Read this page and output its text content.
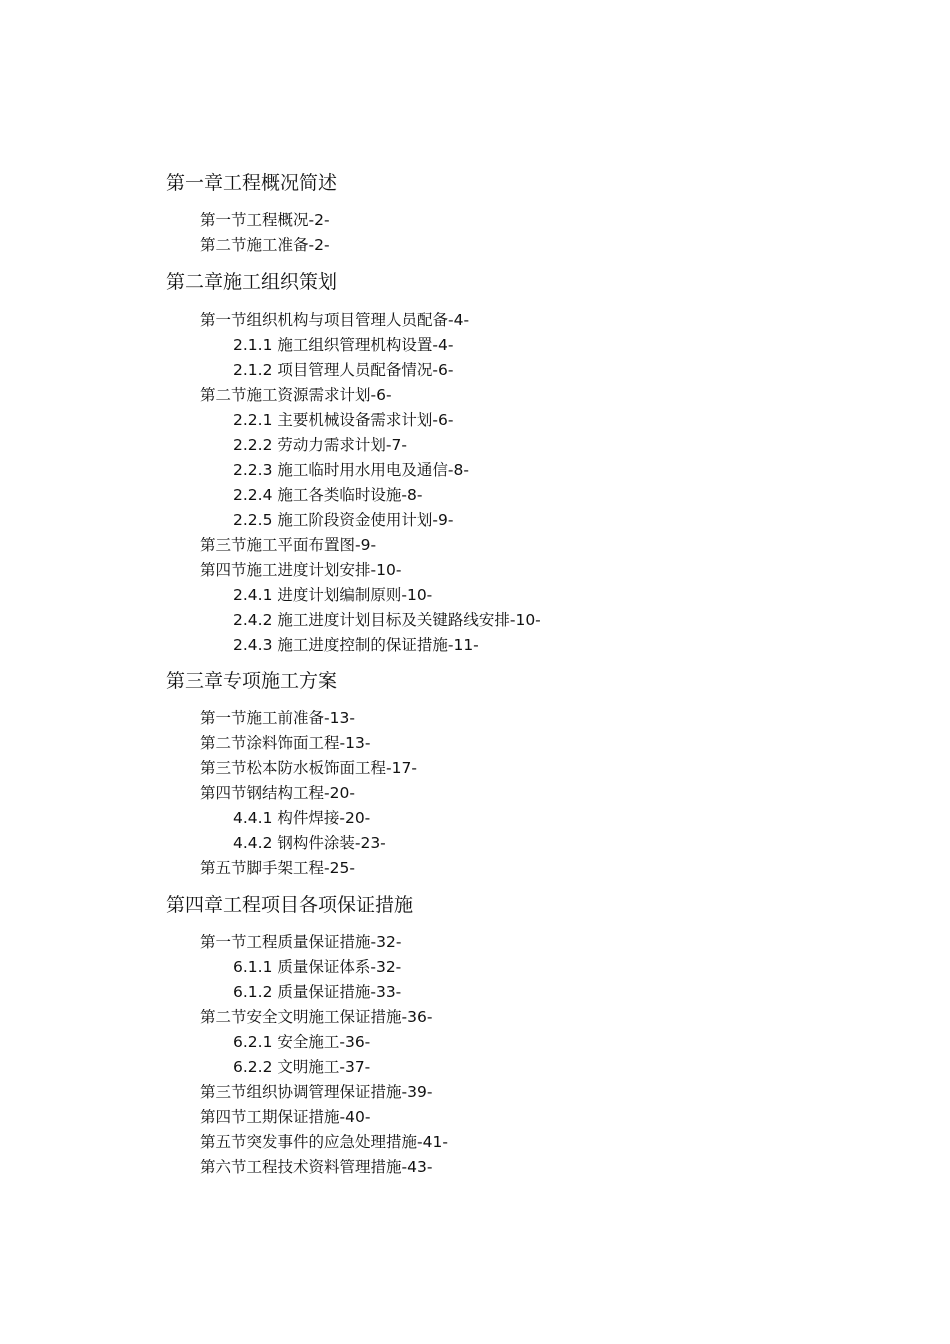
第一章工程概况简述
第一节工程概况-2-
第二节施工准备-2-
第二章施工组织策划
第一节组织机构与项目管理人员配备-4-
2.1.1 施工组织管理机构设置-4-
2.1.2 项目管理人员配备情况-6-
第二节施工资源需求计划-6-
2.2.1 主要机械设备需求计划-6-
2.2.2 劳动力需求计划-7-
2.2.3 施工临时用水用电及通信-8-
2.2.4 施工各类临时设施-8-
2.2.5 施工阶段资金使用计划-9-
第三节施工平面布置图-9-
第四节施工进度计划安排-10-
2.4.1 进度计划编制原则-10-
2.4.2 施工进度计划目标及关键路线安排-10-
2.4.3 施工进度控制的保证措施-11-
第三章专项施工方案
第一节施工前准备-13-
第二节涂料饰面工程-13-
第三节松本防水板饰面工程-17-
第四节钢结构工程-20-
4.4.1 构件焊接-20-
4.4.2 钢构件涂装-23-
第五节脚手架工程-25-
第四章工程项目各项保证措施
第一节工程质量保证措施-32-
6.1.1 质量保证体系-32-
6.1.2 质量保证措施-33-
第二节安全文明施工保证措施-36-
6.2.1 安全施工-36-
6.2.2 文明施工-37-
第三节组织协调管理保证措施-39-
第四节工期保证措施-40-
第五节突发事件的应急处理措施-41-
第六节工程技术资料管理措施-43-
